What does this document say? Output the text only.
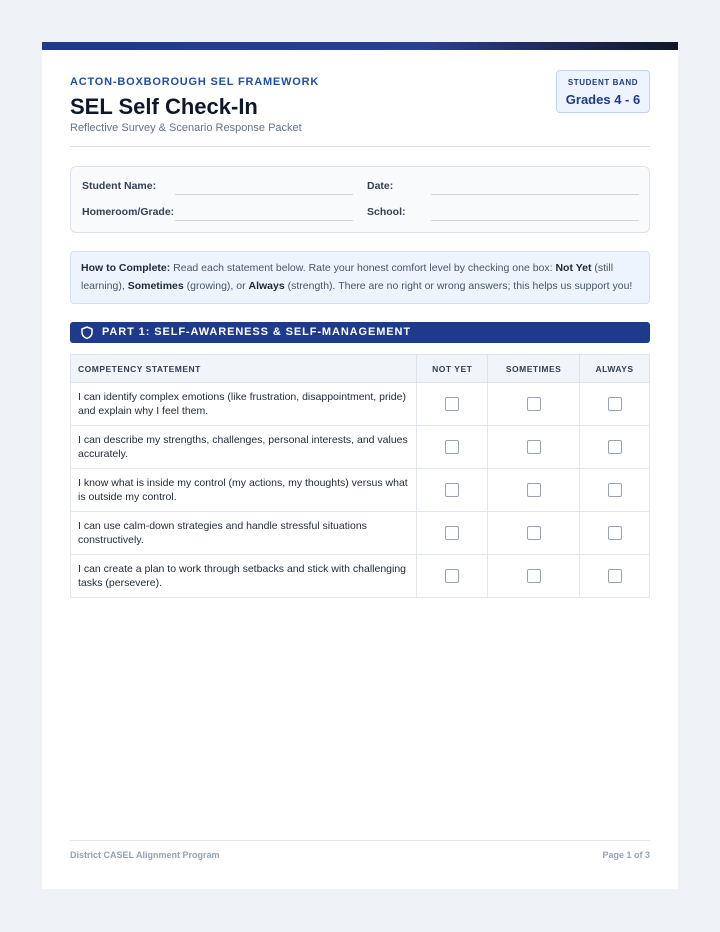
ACTON-BOXBOROUGH SEL FRAMEWORK
SEL Self Check-In
Reflective Survey & Scenario Response Packet
STUDENT BAND
Grades 4 - 6
Student Name:	Date:
Homeroom/Grade:	School:
How to Complete: Read each statement below. Rate your honest comfort level by checking one box: Not Yet (still learning), Sometimes (growing), or Always (strength). There are no right or wrong answers; this helps us support you!
PART 1: SELF-AWARENESS & SELF-MANAGEMENT
COMPETENCY STATEMENT	NOT YET	SOMETIMES	ALWAYS
I can identify complex emotions (like frustration, disappointment, pride) and explain why I feel them.			
I can describe my strengths, challenges, personal interests, and values accurately.			
I know what is inside my control (my actions, my thoughts) versus what is outside my control.			
I can use calm-down strategies and handle stressful situations constructively.			
I can create a plan to work through setbacks and stick with challenging tasks (persevere).			
District CASEL Alignment Program	Page 1 of 3
